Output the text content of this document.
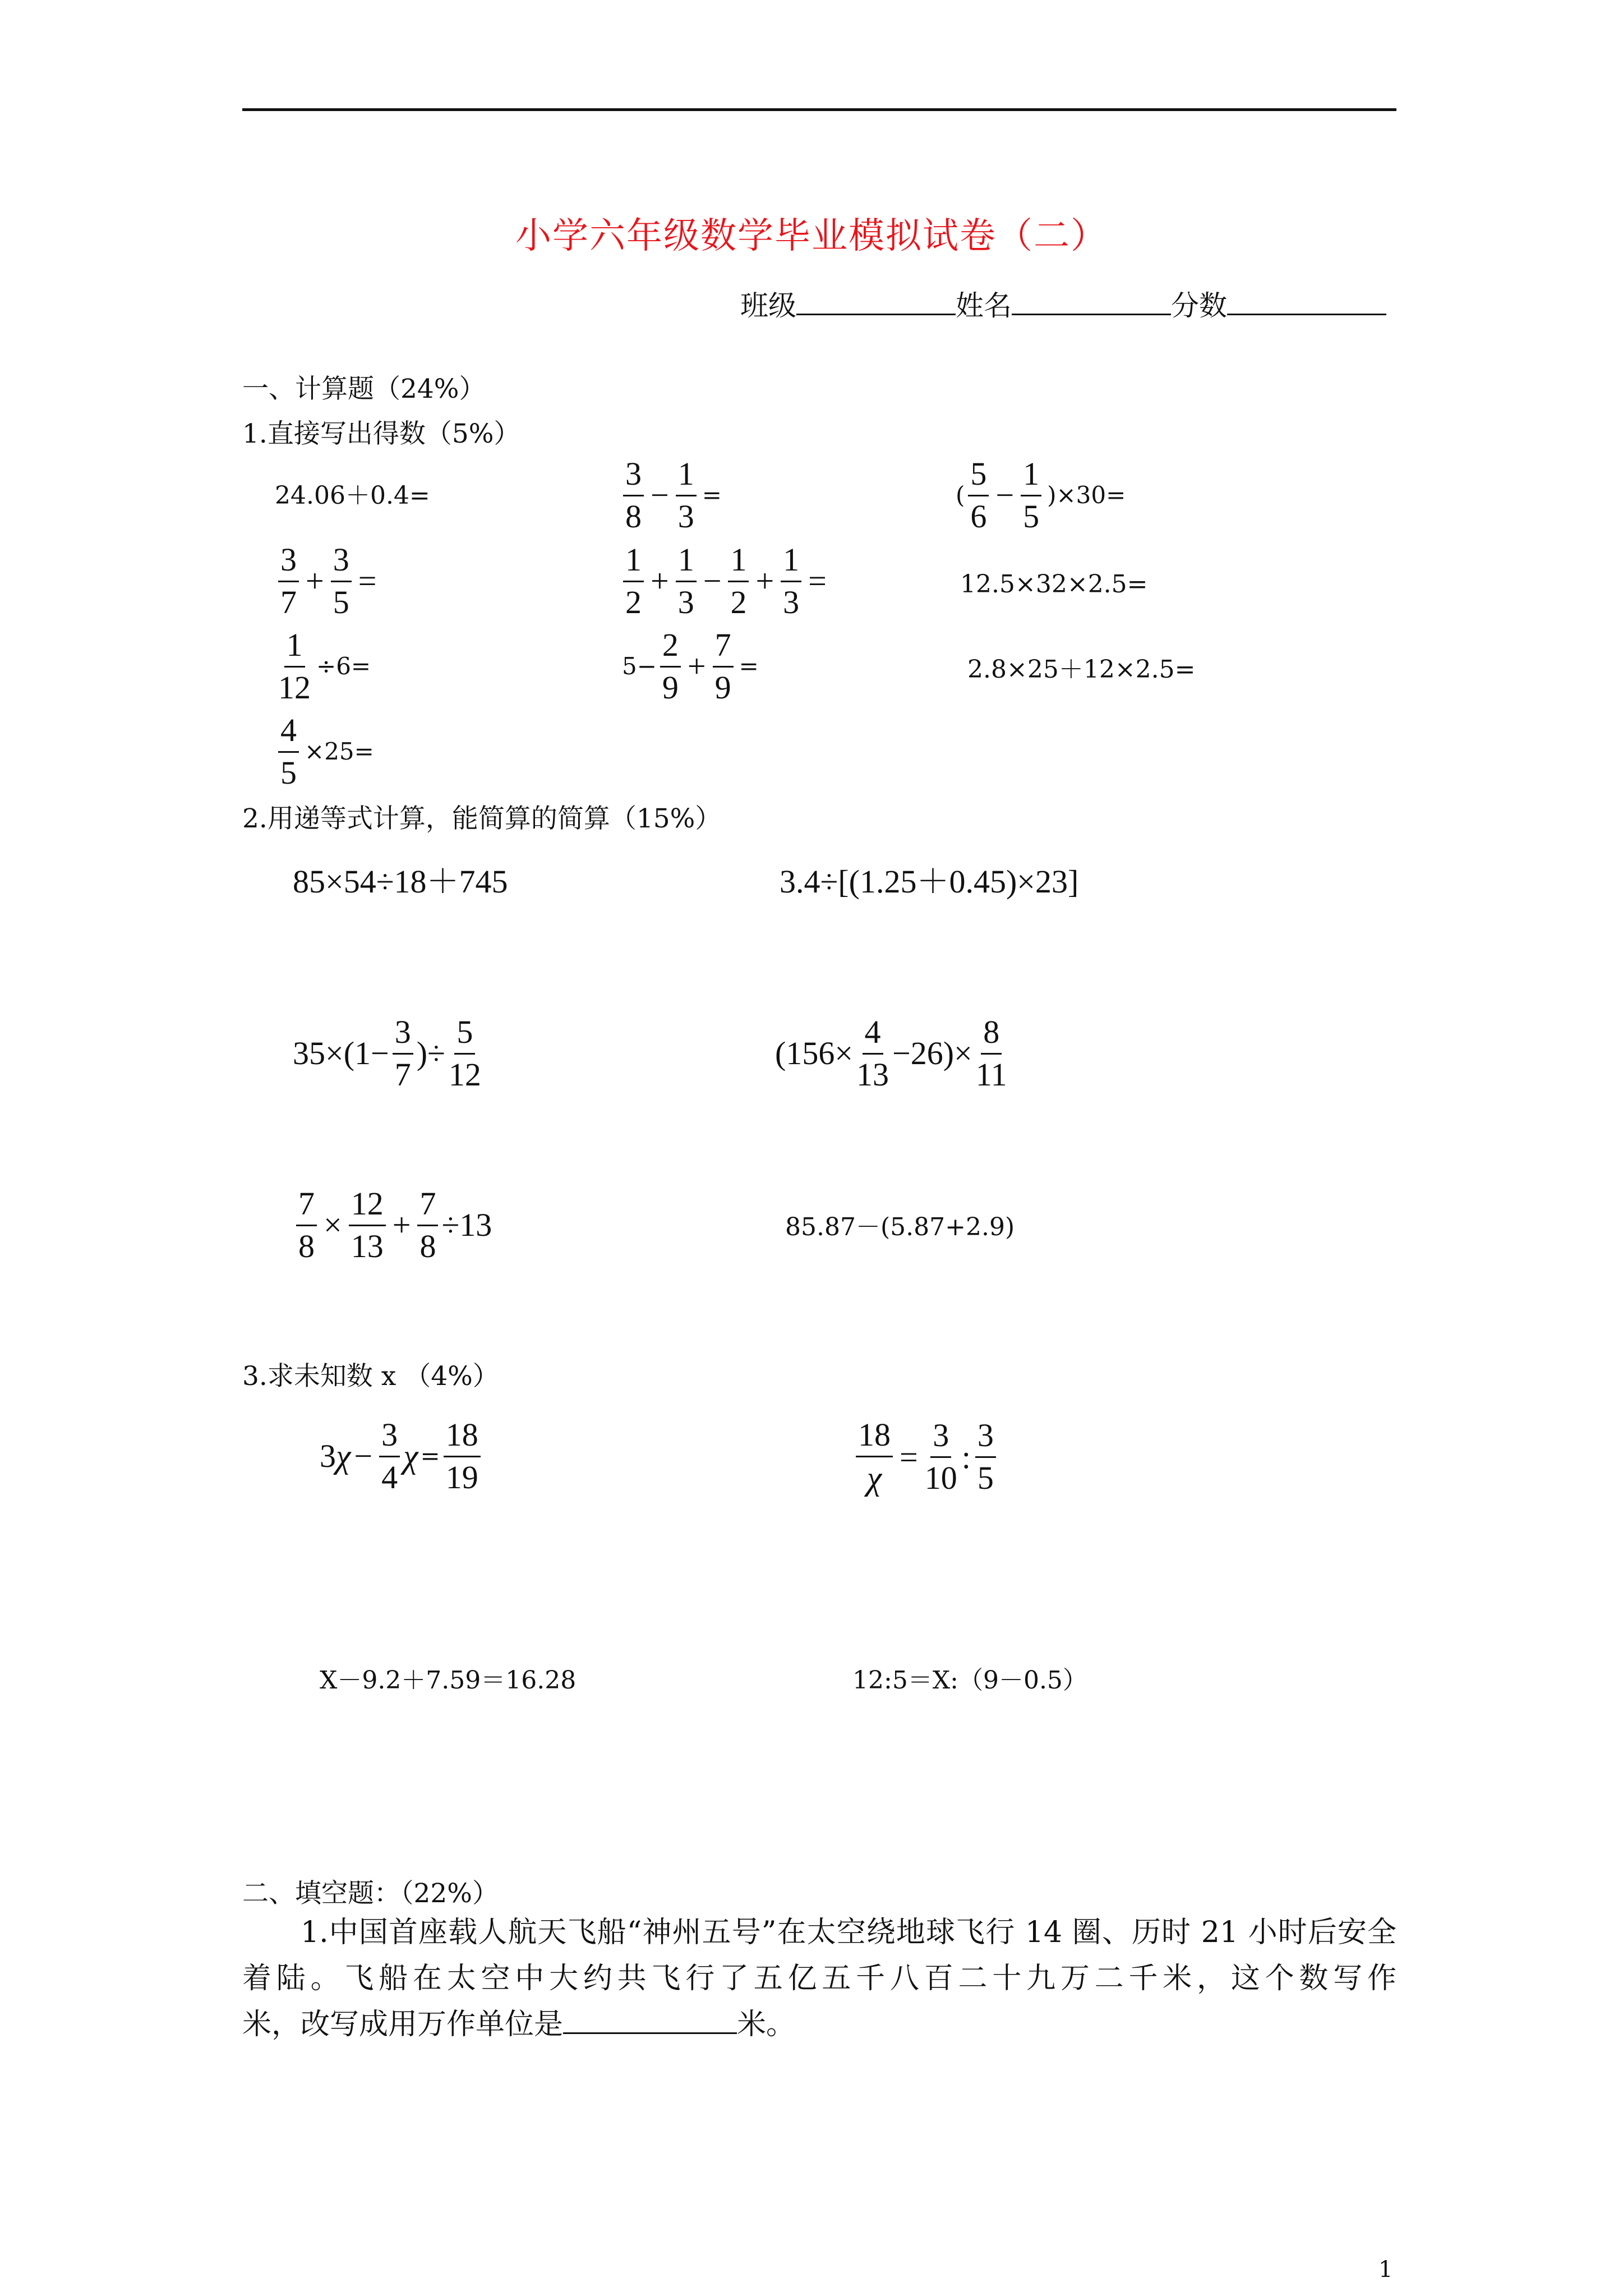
小学六年级数学毕业模拟试卷（二）
班级	姓名	分数
一、计算题（24%）
1.直接写出得数（5%）
24.06＋0.4=	$\frac{3}{8} - \frac{1}{3}$ =	( $\frac{5}{6} - \frac{1}{5} )\times 30=$
$\frac{3}{7} + \frac{3}{5}$ =	$\frac{1}{2} + \frac{1}{3} - \frac{1}{2} + \frac{1}{3}$ =	12.5×32×2.5=
$\frac{1}{12} \div 6=$	$5- \frac{2}{9} + \frac{7}{9}$ =	2.8×25＋12×2.5=
$\frac{4}{5} \times 25=$
2.用递等式计算，能简算的简算（15%）
85×54÷18＋745	3.4÷[(1.25＋0.45)×23]
$35\times(1- \frac{3}{7}$ )÷ $\frac{5}{12}$	$(156\times \frac{4}{13} -26)\times \frac{8}{11}$
$\frac{7}{8} \times \frac{12}{13} + \frac{7}{8} \div 13$	85.87－(5.87+2.9)
3.求未知数 x （4%）
3 $\chi - \frac{3}{4}$ $\chi = \frac{18}{19}$	$\frac{18}{\chi} = \frac{3}{10}$ : $\frac{3}{5}$
X－9.2＋7.59＝16.28	12:5＝X:（9－0.5）
二、填空题：（22%）
1.中国首座载人航天飞船“神州五号”在太空绕地球飞行 14 圈、历时 21 小时后安全
着陆。飞船在太空中大约共飞行了五亿五千八百二十九万二千米，这个数写作
米，改写成用万作单位是	米。
1
